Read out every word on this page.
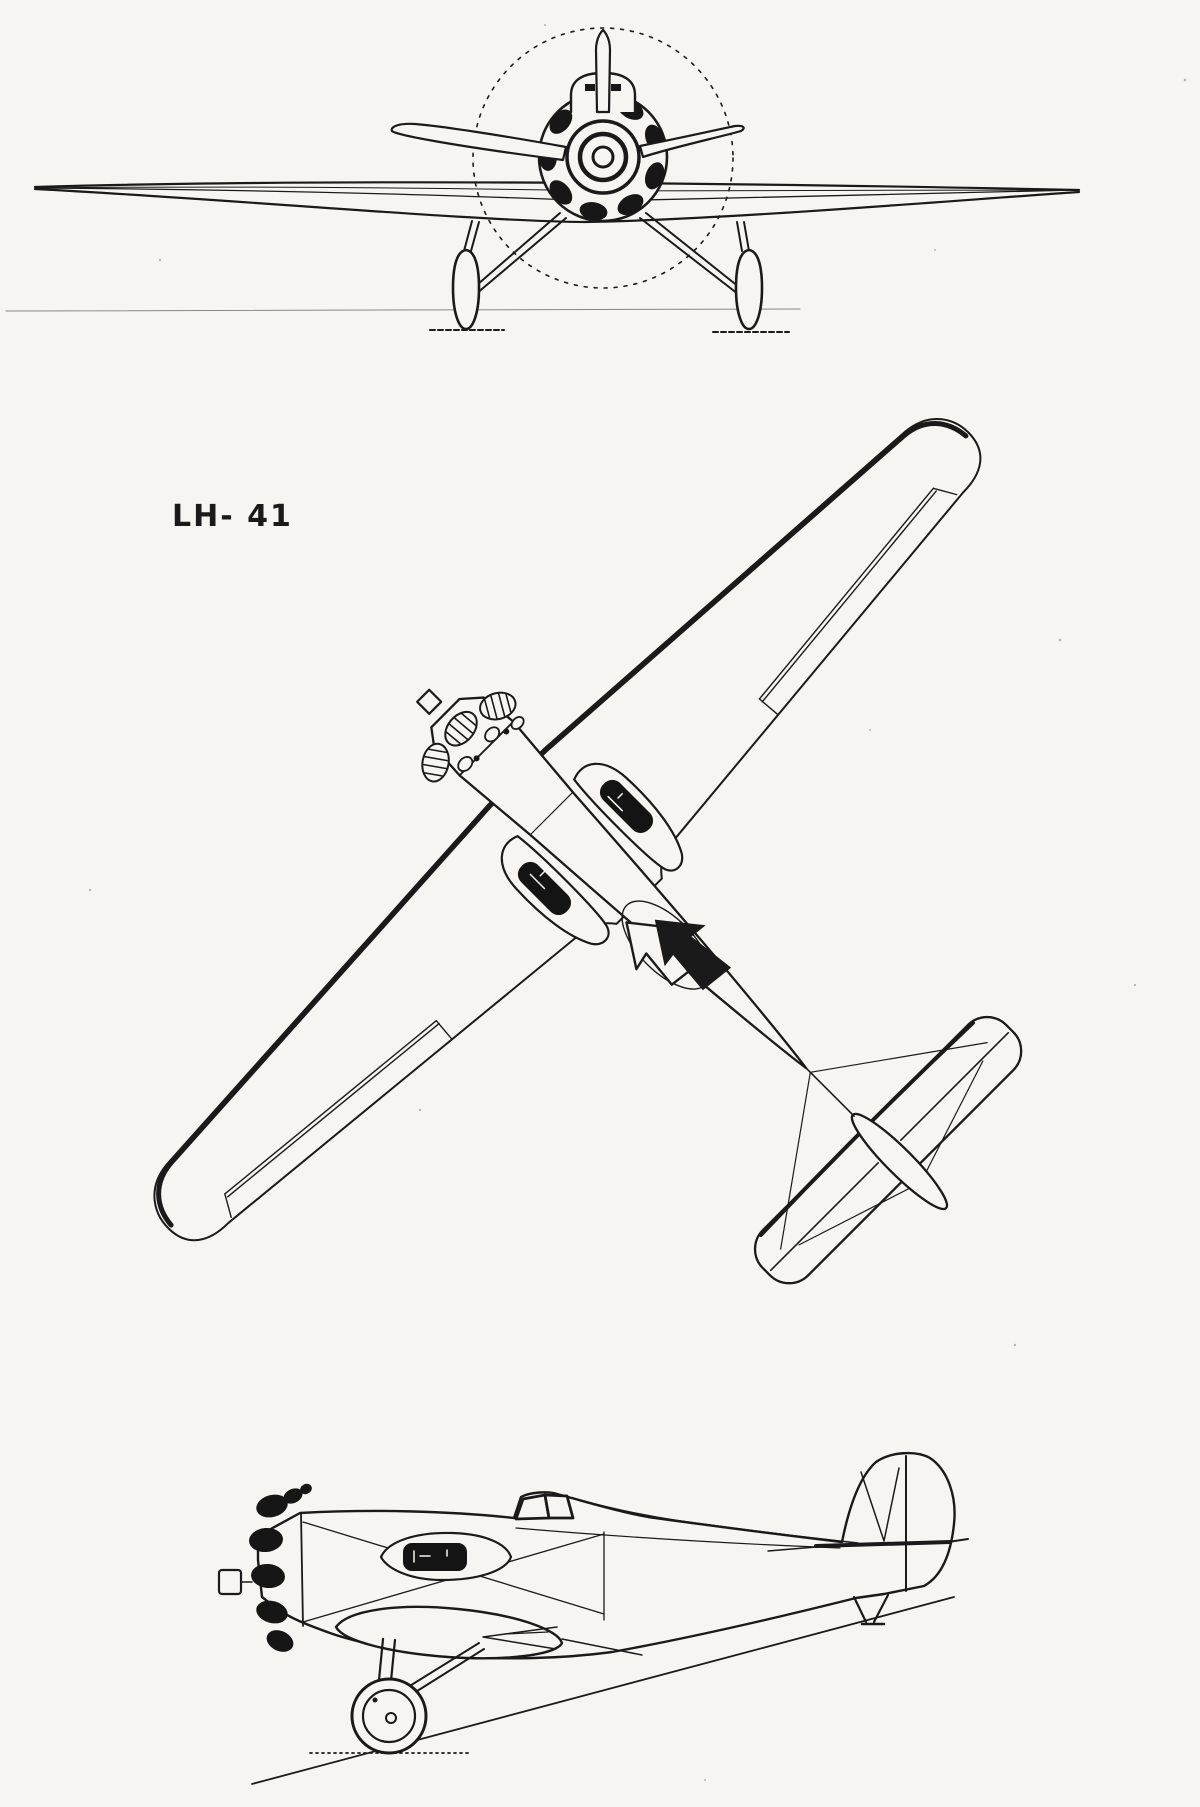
LH- 41
